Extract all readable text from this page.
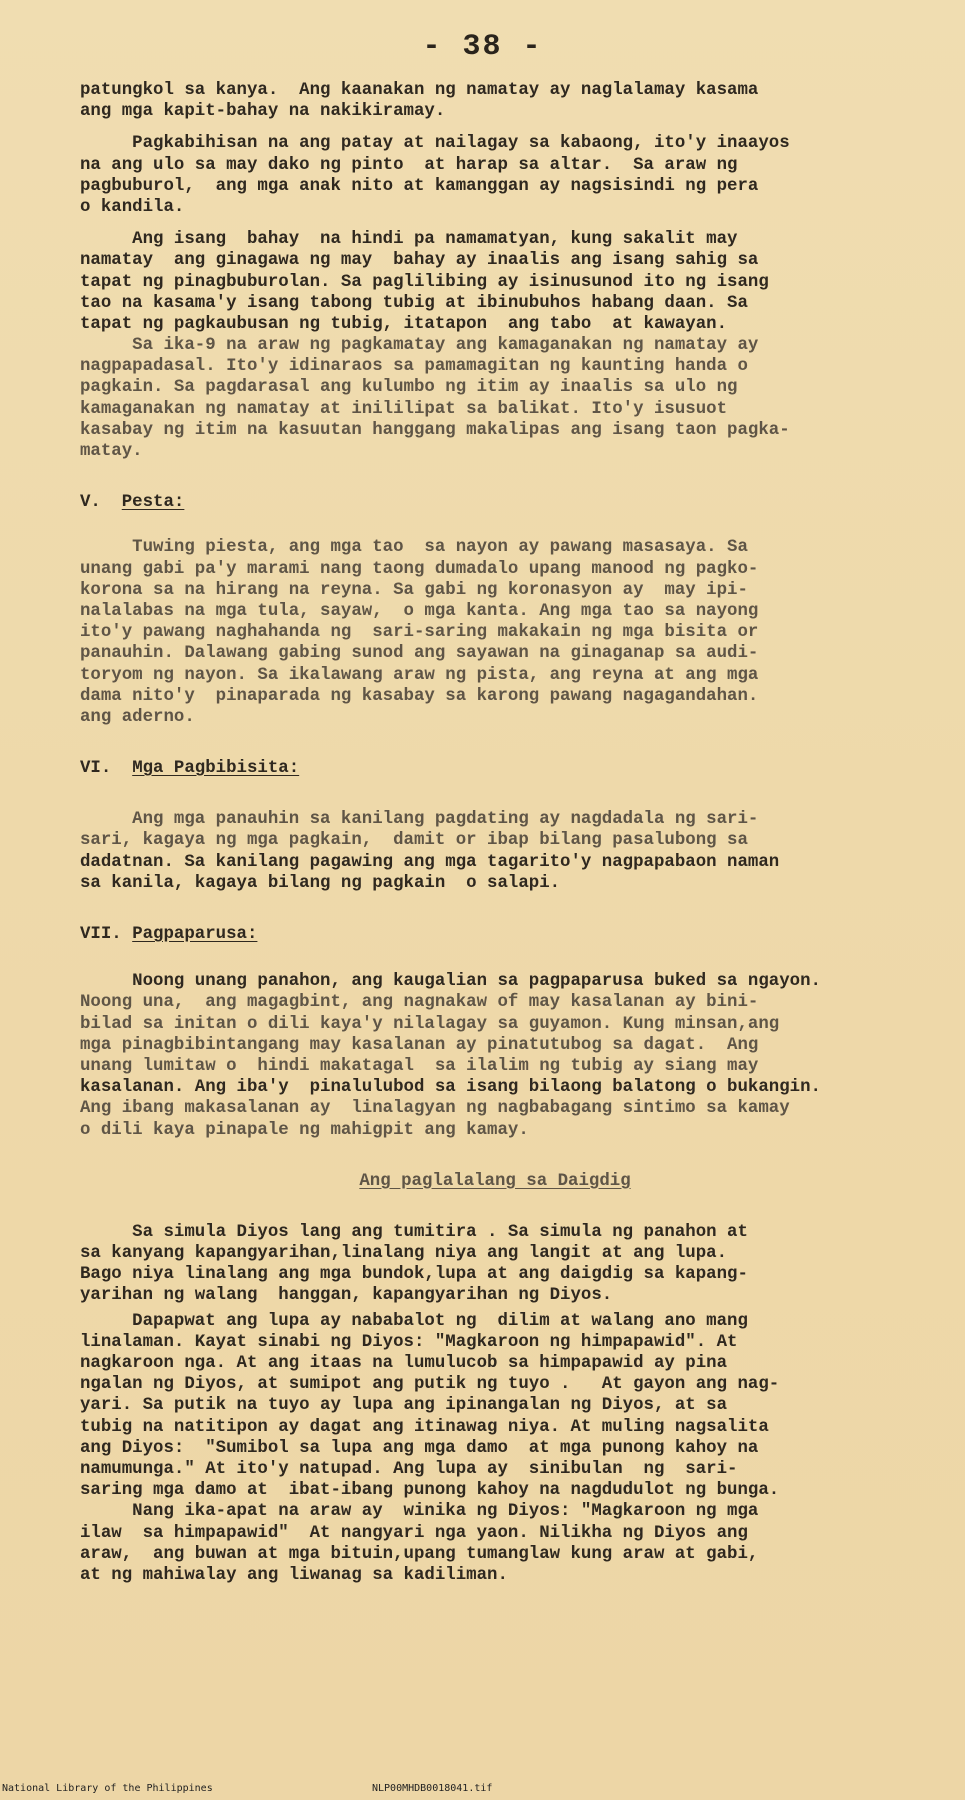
- 38 -
patungkol sa kanya.  Ang kaanakan ng namatay ay naglalamay kasama
ang mga kapit-bahay na nakikiramay.
Pagkabihisan na ang patay at nailagay sa kabaong, ito'y inaayos
na ang ulo sa may dako ng pinto  at harap sa altar.  Sa araw ng
pagbuburol,  ang mga anak nito at kamanggan ay nagsisindi ng pera
o kandila.
Ang isang  bahay  na hindi pa namamatyan, kung sakalit may
namatay  ang ginagawa ng may  bahay ay inaalis ang isang sahig sa
tapat ng pinagbuburolan. Sa paglilibing ay isinusunod ito ng isang
tao na kasama'y isang tabong tubig at ibinubuhos habang daan. Sa
tapat ng pagkaubusan ng tubig, itatapon  ang tabo  at kawayan.
Sa ika-9 na araw ng pagkamatay ang kamaganakan ng namatay ay
nagpapadasal. Ito'y idinaraos sa pamamagitan ng kaunting handa o
pagkain. Sa pagdarasal ang kulumbo ng itim ay inaalis sa ulo ng
kamaganakan ng namatay at inililipat sa balikat. Ito'y isusuot
kasabay ng itim na kasuutan hanggang makalipas ang isang taon pagka-
matay.
V. Pesta:
Tuwing piesta, ang mga tao  sa nayon ay pawang masasaya. Sa
unang gabi pa'y marami nang taong dumadalo upang manood ng pagko-
korona sa na hirang na reyna. Sa gabi ng koronasyon ay  may ipi-
nalalabas na mga tula, sayaw,  o mga kanta. Ang mga tao sa nayong
ito'y pawang naghahanda ng  sari-saring makakain ng mga bisita or
panauhin. Dalawang gabing sunod ang sayawan na ginaganap sa audi-
toryom ng nayon. Sa ikalawang araw ng pista, ang reyna at ang mga
dama nito'y  pinaparada ng kasabay sa karong pawang nagagandahan.
ang aderno.
VI. Mga Pagbibisita:
Ang mga panauhin sa kanilang pagdating ay nagdadala ng sari-
sari, kagaya ng mga pagkain,  damit or ibap bilang pasalubong sa
dadatnan. Sa kanilang pagawing ang mga tagarito'y nagpapabaon naman
sa kanila, kagaya bilang ng pagkain  o salapi.
VII. Pagpaparusa:
Noong unang panahon, ang kaugalian sa pagpaparusa buked sa ngayon.
Noong una,  ang magagbint, ang nagnakaw of may kasalanan ay bini-
bilad sa initan o dili kaya'y nilalagay sa guyamon. Kung minsan,ang
mga pinagbibintangang may kasalanan ay pinatutubog sa dagat.  Ang
unang lumitaw o  hindi makatagal  sa ilalim ng tubig ay siang may
kasalanan. Ang iba'y  pinalulubod sa isang bilaong balatong o bukangin.
Ang ibang makasalanan ay  linalagyan ng nagbabagang sintimo sa kamay
o dili kaya pinapale ng mahigpit ang kamay.
Ang paglalalang sa Daigdig
Sa simula Diyos lang ang tumitira . Sa simula ng panahon at
sa kanyang kapangyarihan,linalang niya ang langit at ang lupa.
Bago niya linalang ang mga bundok,lupa at ang daigdig sa kapang-
yarihan ng walang  hanggan, kapangyarihan ng Diyos.
Dapapwat ang lupa ay nababalot ng  dilim at walang ano mang
linalaman. Kayat sinabi ng Diyos: "Magkaroon ng himpapawid". At
nagkaroon nga. At ang itaas na lumulucob sa himpapawid ay pina
ngalan ng Diyos, at sumipot ang putik ng tuyo .   At gayon ang nag-
yari. Sa putik na tuyo ay lupa ang ipinangalan ng Diyos, at sa
tubig na natitipon ay dagat ang itinawag niya. At muling nagsalita
ang Diyos:  "Sumibol sa lupa ang mga damo  at mga punong kahoy na
namumunga." At ito'y natupad. Ang lupa ay  sinibulan  ng  sari-
saring mga damo at  ibat-ibang punong kahoy na nagdudulot ng bunga.
Nang ika-apat na araw ay  winika ng Diyos: "Magkaroon ng mga
ilaw  sa himpapawid"  At nangyari nga yaon. Nilikha ng Diyos ang
araw,  ang buwan at mga bituin,upang tumanglaw kung araw at gabi,
at ng mahiwalay ang liwanag sa kadiliman.
National Library of the Philippines	NLP00MHDB0018041.tif
